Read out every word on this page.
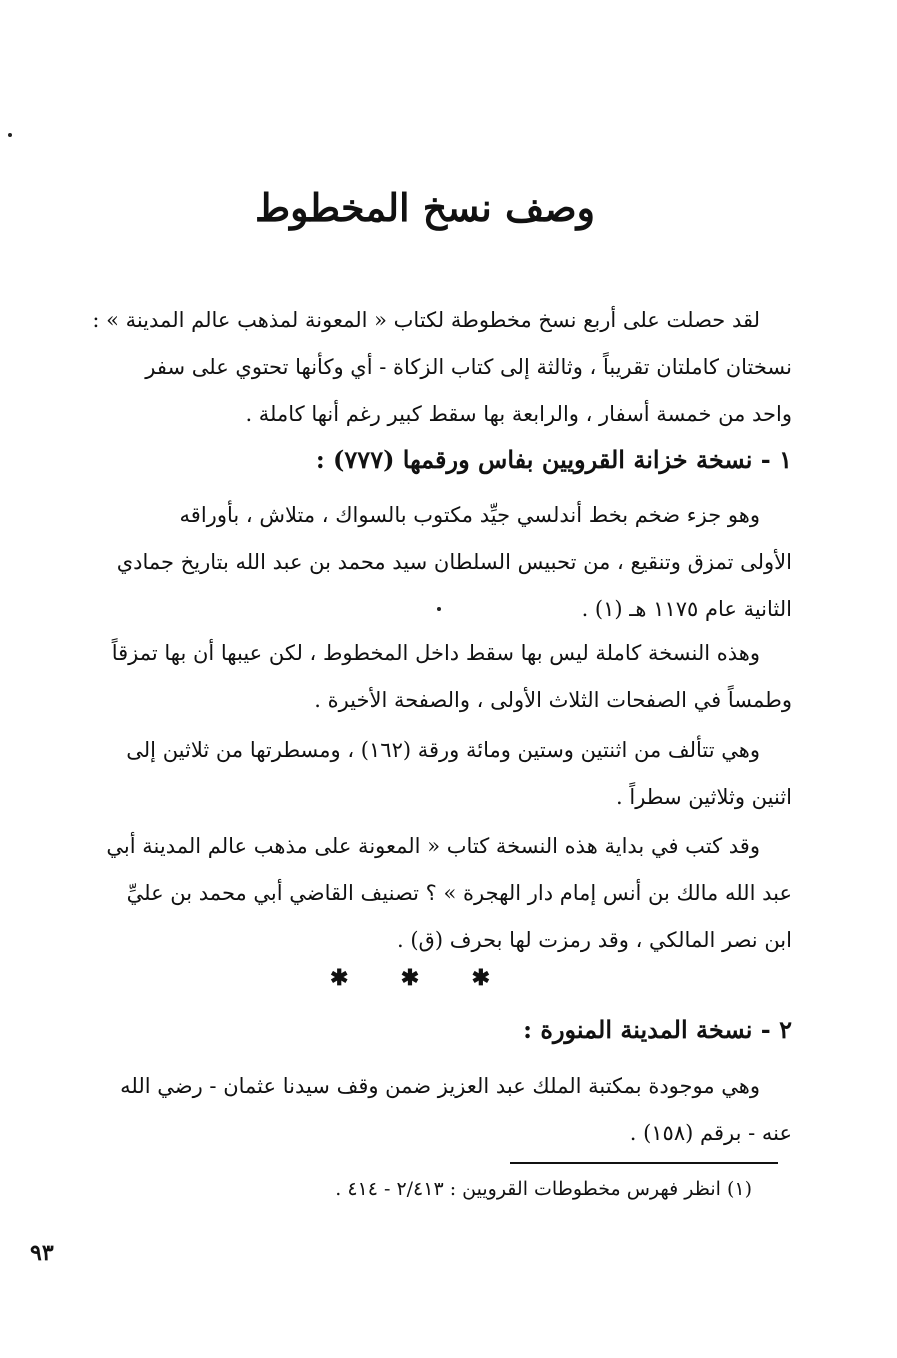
وصف نسخ المخطوط
لقد حصلت على أربع نسخ مخطوطة لكتاب « المعونة لمذهب عالم المدينة » :
نسختان كاملتان تقريباً ، وثالثة إلى كتاب الزكاة - أي وكأنها تحتوي على سفر
واحد من خمسة أسفار ، والرابعة بها سقط كبير رغم أنها كاملة .
١ - نسخة خزانة القرويين بفاس ورقمها (٧٧٧) :
وهو جزء ضخم بخط أندلسي جيِّد مكتوب بالسواك ، متلاش ، بأوراقه
الأولى تمزق وتنقيع ، من تحبيس السلطان سيد محمد بن عبد الله بتاريخ جمادي
الثانية عام ١١٧٥ هـ (١) .
وهذه النسخة كاملة ليس بها سقط داخل المخطوط ، لكن عيبها أن بها تمزقاً
وطمساً في الصفحات الثلاث الأولى ، والصفحة الأخيرة .
وهي تتألف من اثنتين وستين ومائة ورقة (١٦٢) ، ومسطرتها من ثلاثين إلى
اثنين وثلاثين سطراً .
وقد كتب في بداية هذه النسخة كتاب « المعونة على مذهب عالم المدينة أبي
عبد الله مالك بن أنس إمام دار الهجرة » ؟ تصنيف القاضي أبي محمد بن عليِّ
ابن نصر المالكي ، وقد رمزت لها بحرف (ق) .
✱ ✱ ✱
٢ - نسخة المدينة المنورة :
وهي موجودة بمكتبة الملك عبد العزيز ضمن وقف سيدنا عثمان - رضي الله
عنه - برقم (١٥٨) .
(١) انظر فهرس مخطوطات القرويين : ٢/٤١٣ - ٤١٤ .
٩٣
